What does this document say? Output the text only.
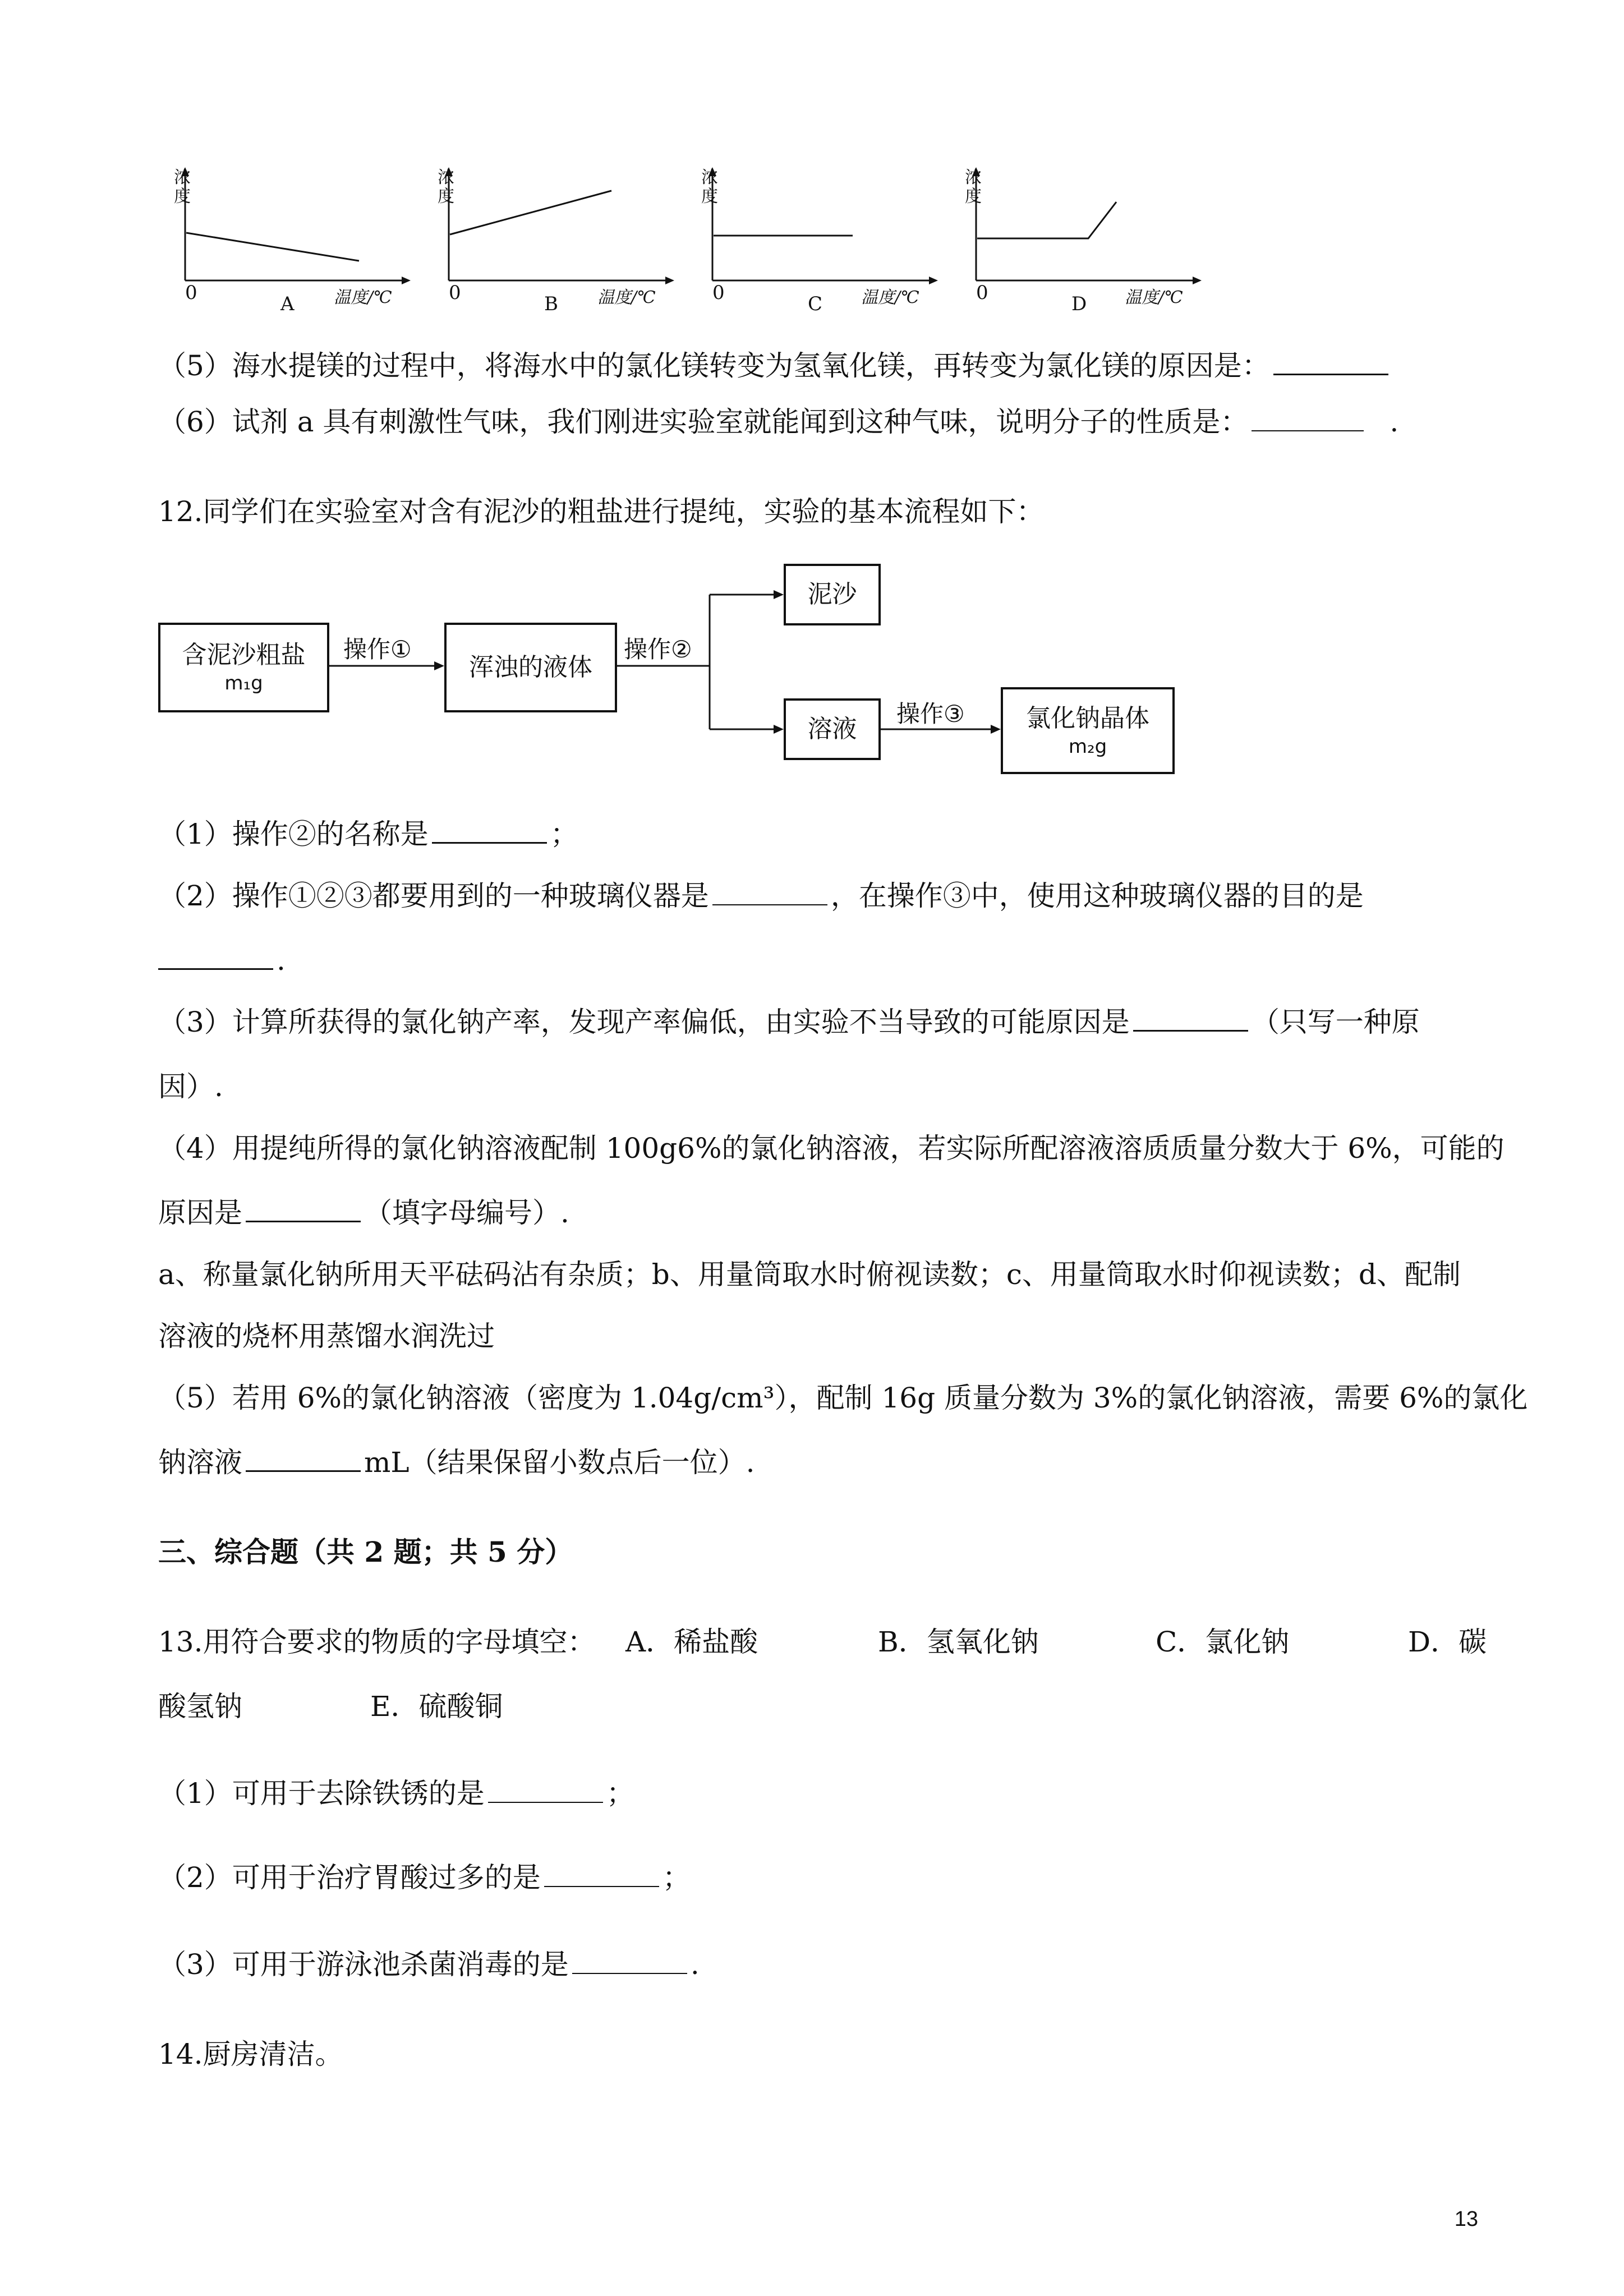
浓度
0	A 温度/℃
浓度
0	B 温度/℃
浓度
0	C 温度/℃
浓度
0	D 温度/℃
（5）海水提镁的过程中，将海水中的氯化镁转变为氢氧化镁，再转变为氯化镁的原因是：
（6）试剂 a 具有刺激性气味，我们刚进实验室就能闻到这种气味，说明分子的性质是：	.
12.同学们在实验室对含有泥沙的粗盐进行提纯，实验的基本流程如下：
含泥沙粗盐
m₁g
操作①
浑浊的液体
操作②
泥沙
溶液
操作③ 氯化钠晶体
m₂g
（1）操作②的名称是	；
（2）操作①②③都要用到的一种玻璃仪器是	，在操作③中，使用这种玻璃仪器的目的是
.
（3）计算所获得的氯化钠产率，发现产率偏低，由实验不当导致的可能原因是	（只写一种原
因）.
（4）用提纯所得的氯化钠溶液配制 100g6%的氯化钠溶液，若实际所配溶液溶质质量分数大于 6%，可能的
原因是	（填字母编号）.
a、称量氯化钠所用天平砝码沾有杂质；b、用量筒取水时俯视读数；c、用量筒取水时仰视读数；d、配制
溶液的烧杯用蒸馏水润洗过
（5）若用 6%的氯化钠溶液（密度为 1.04g/cm³），配制 16g 质量分数为 3%的氯化钠溶液，需要 6%的氯化
钠溶液	mL（结果保留小数点后一位）.
三、综合题（共 2 题；共 5 分）
13.用符合要求的物质的字母填空： A．稀盐酸	B．氢氧化钠	C．氯化钠	D．碳
酸氢钠	E．硫酸铜
（1）可用于去除铁锈的是	；
（2）可用于治疗胃酸过多的是	；
（3）可用于游泳池杀菌消毒的是	.
14.厨房清洁。
13
